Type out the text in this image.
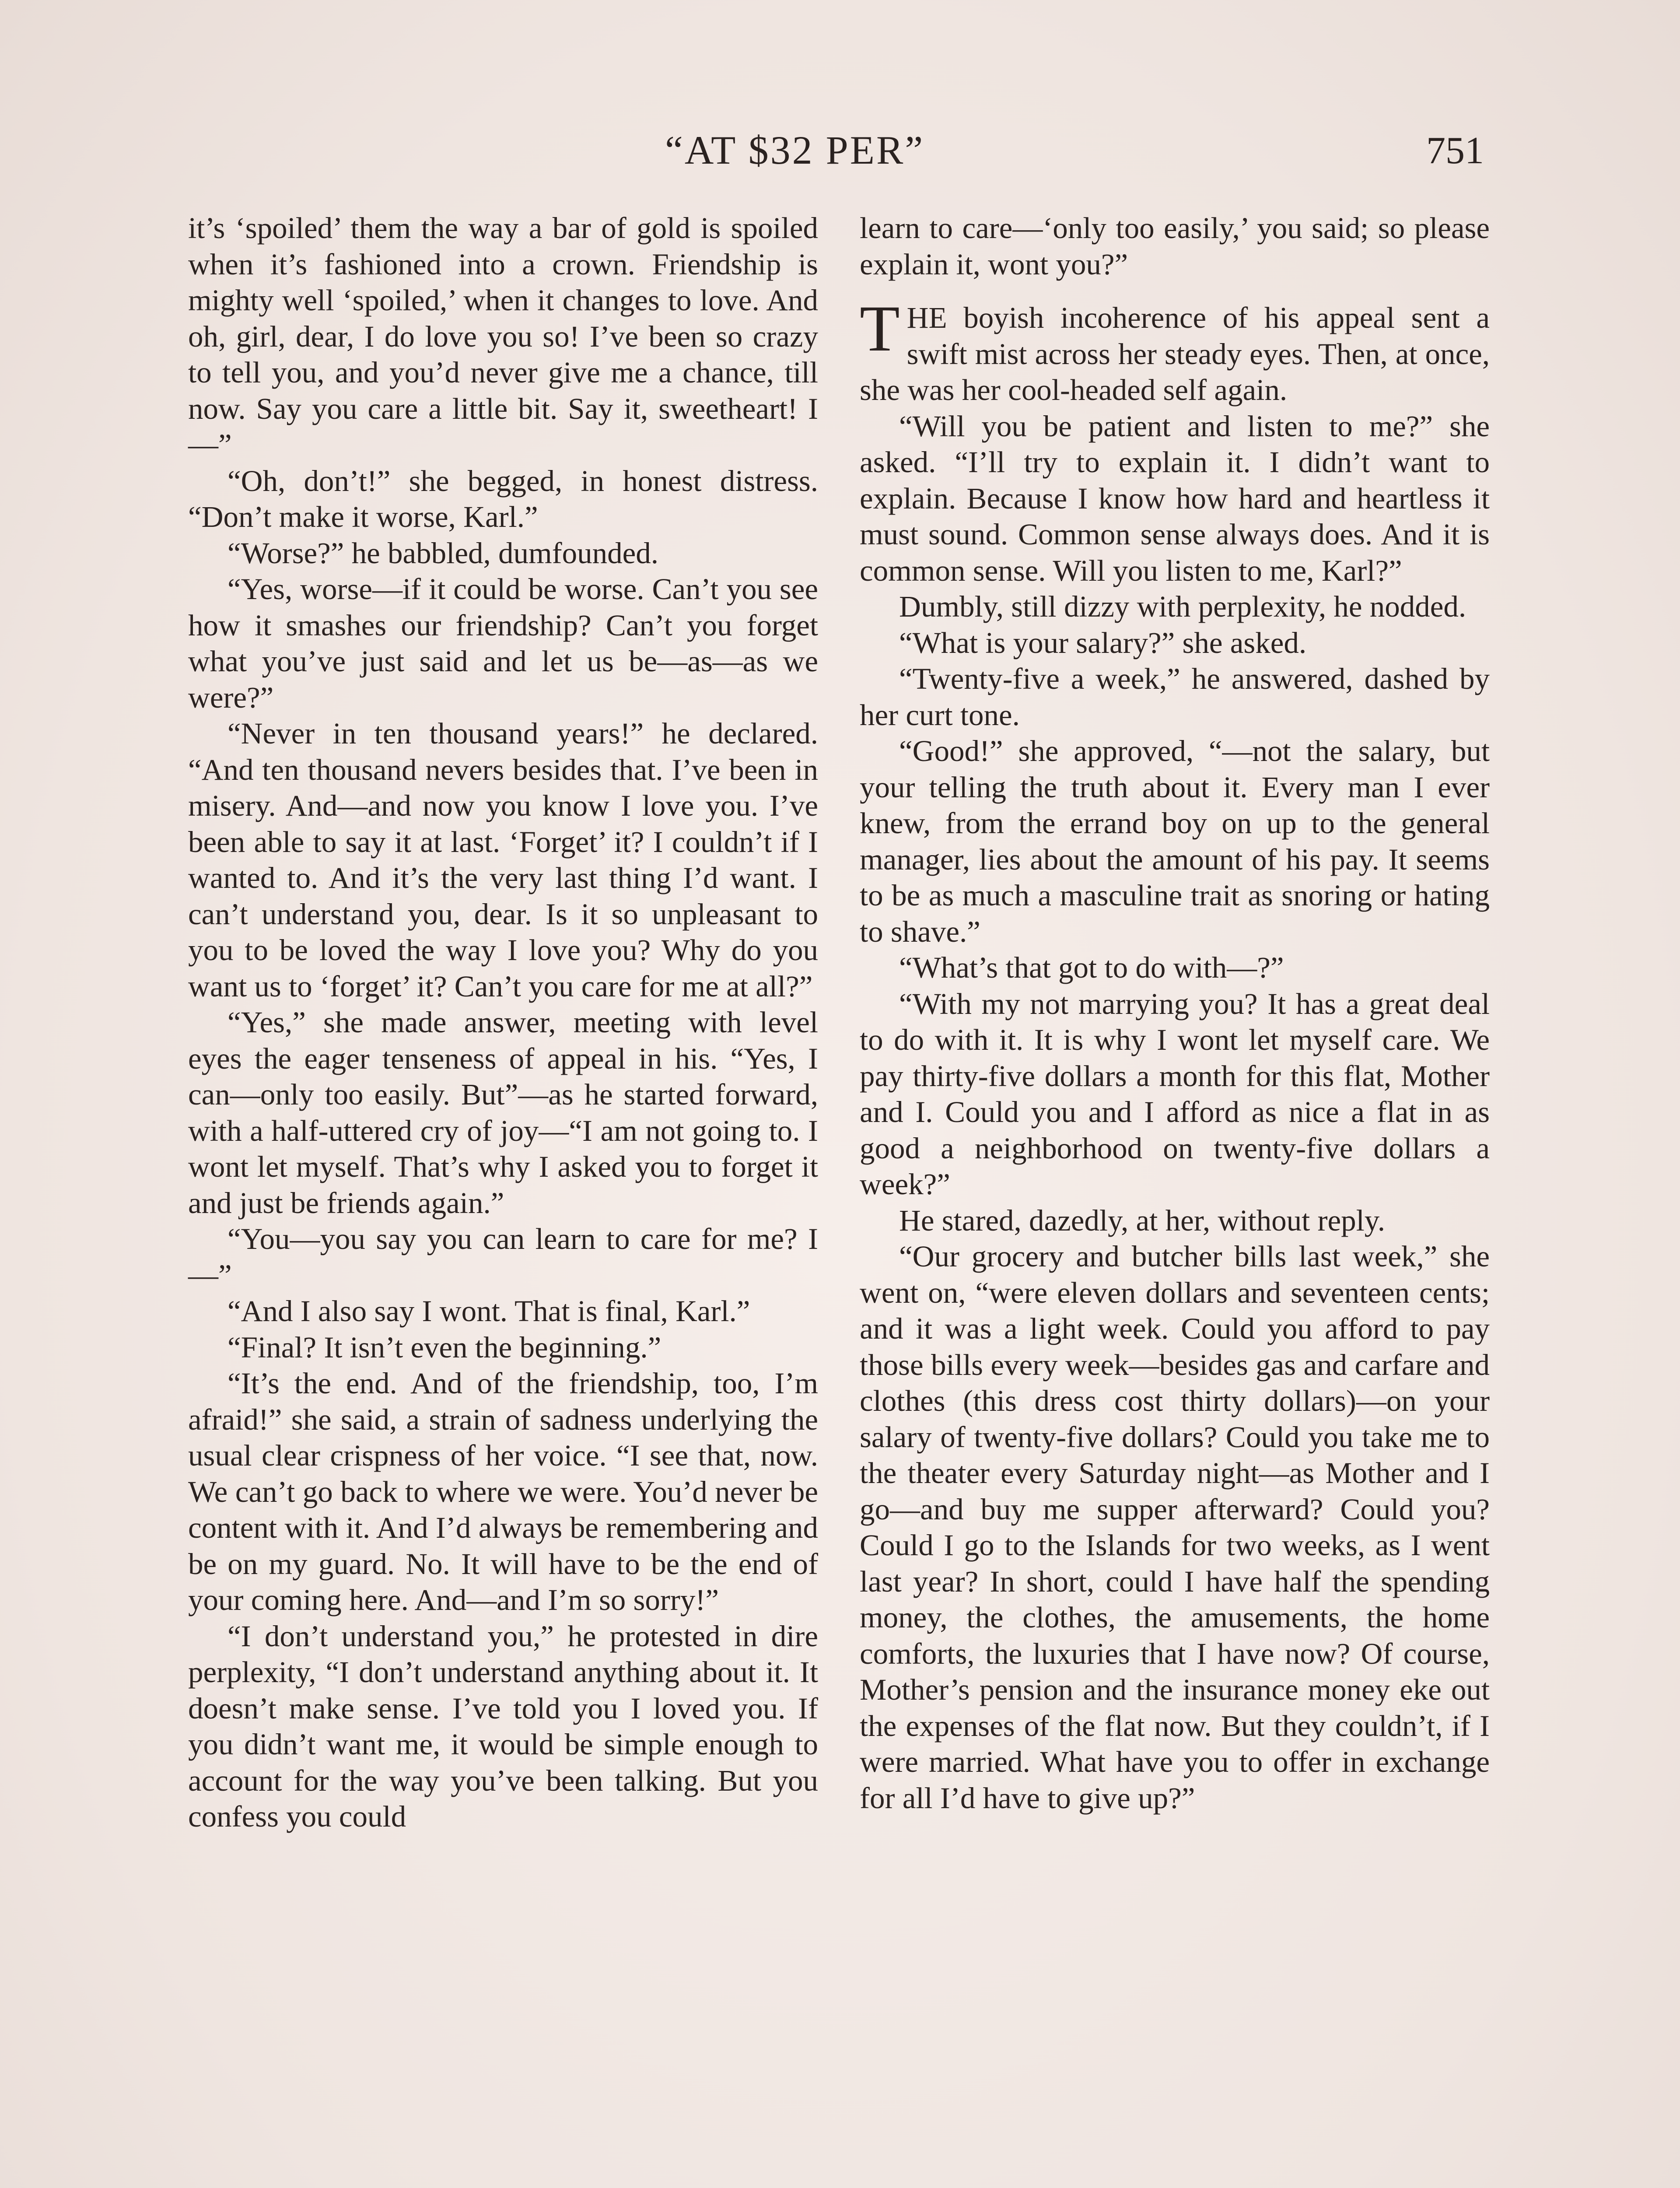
“AT $32 PER”	751

it’s ‘spoiled’ them the way a bar of gold is spoiled when it’s fashioned into a crown. Friendship is mighty well ‘spoiled,’ when it changes to love. And oh, girl, dear, I do love you so! I’ve been so crazy to tell you, and you’d never give me a chance, till now. Say you care a little bit. Say it, sweetheart! I—”

“Oh, don’t!” she begged, in honest distress. “Don’t make it worse, Karl.”

“Worse?” he babbled, dumfounded.

“Yes, worse—if it could be worse. Can’t you see how it smashes our friendship? Can’t you forget what you’ve just said and let us be—as—as we were?”

“Never in ten thousand years!” he declared. “And ten thousand nevers besides that. I’ve been in misery. And—and now you know I love you. I’ve been able to say it at last. ‘Forget’ it? I couldn’t if I wanted to. And it’s the very last thing I’d want. I can’t understand you, dear. Is it so unpleasant to you to be loved the way I love you? Why do you want us to ‘forget’ it? Can’t you care for me at all?”

“Yes,” she made answer, meeting with level eyes the eager tenseness of appeal in his. “Yes, I can—only too easily. But”—as he started forward, with a half-uttered cry of joy—“I am not going to. I wont let myself. That’s why I asked you to forget it and just be friends again.”

“You—you say you can learn to care for me? I—”

“And I also say I wont. That is final, Karl.”

“Final? It isn’t even the beginning.”

“It’s the end. And of the friendship, too, I’m afraid!” she said, a strain of sadness underlying the usual clear crispness of her voice. “I see that, now. We can’t go back to where we were. You’d never be content with it. And I’d always be remembering and be on my guard. No. It will have to be the end of your coming here. And—and I’m so sorry!”

“I don’t understand you,” he protested in dire perplexity, “I don’t understand anything about it. It doesn’t make sense. I’ve told you I loved you. If you didn’t want me, it would be simple enough to account for the way you’ve been talking. But you confess you could

learn to care—‘only too easily,’ you said; so please explain it, wont you?”

THE boyish incoherence of his appeal sent a swift mist across her steady eyes. Then, at once, she was her cool-headed self again.

“Will you be patient and listen to me?” she asked. “I’ll try to explain it. I didn’t want to explain. Because I know how hard and heartless it must sound. Common sense always does. And it is common sense. Will you listen to me, Karl?”

Dumbly, still dizzy with perplexity, he nodded.

“What is your salary?” she asked.

“Twenty-five a week,” he answered, dashed by her curt tone.

“Good!” she approved, “—not the salary, but your telling the truth about it. Every man I ever knew, from the errand boy on up to the general manager, lies about the amount of his pay. It seems to be as much a masculine trait as snoring or hating to shave.”

“What’s that got to do with—?”

“With my not marrying you? It has a great deal to do with it. It is why I wont let myself care. We pay thirty-five dollars a month for this flat, Mother and I. Could you and I afford as nice a flat in as good a neighborhood on twenty-five dollars a week?”

He stared, dazedly, at her, without reply.

“Our grocery and butcher bills last week,” she went on, “were eleven dollars and seventeen cents; and it was a light week. Could you afford to pay those bills every week—besides gas and carfare and clothes (this dress cost thirty dollars)—on your salary of twenty-five dollars? Could you take me to the theater every Saturday night—as Mother and I go—and buy me supper afterward? Could you? Could I go to the Islands for two weeks, as I went last year? In short, could I have half the spending money, the clothes, the amusements, the home comforts, the luxuries that I have now? Of course, Mother’s pension and the insurance money eke out the expenses of the flat now. But they couldn’t, if I were married. What have you to offer in exchange for all I’d have to give up?”
